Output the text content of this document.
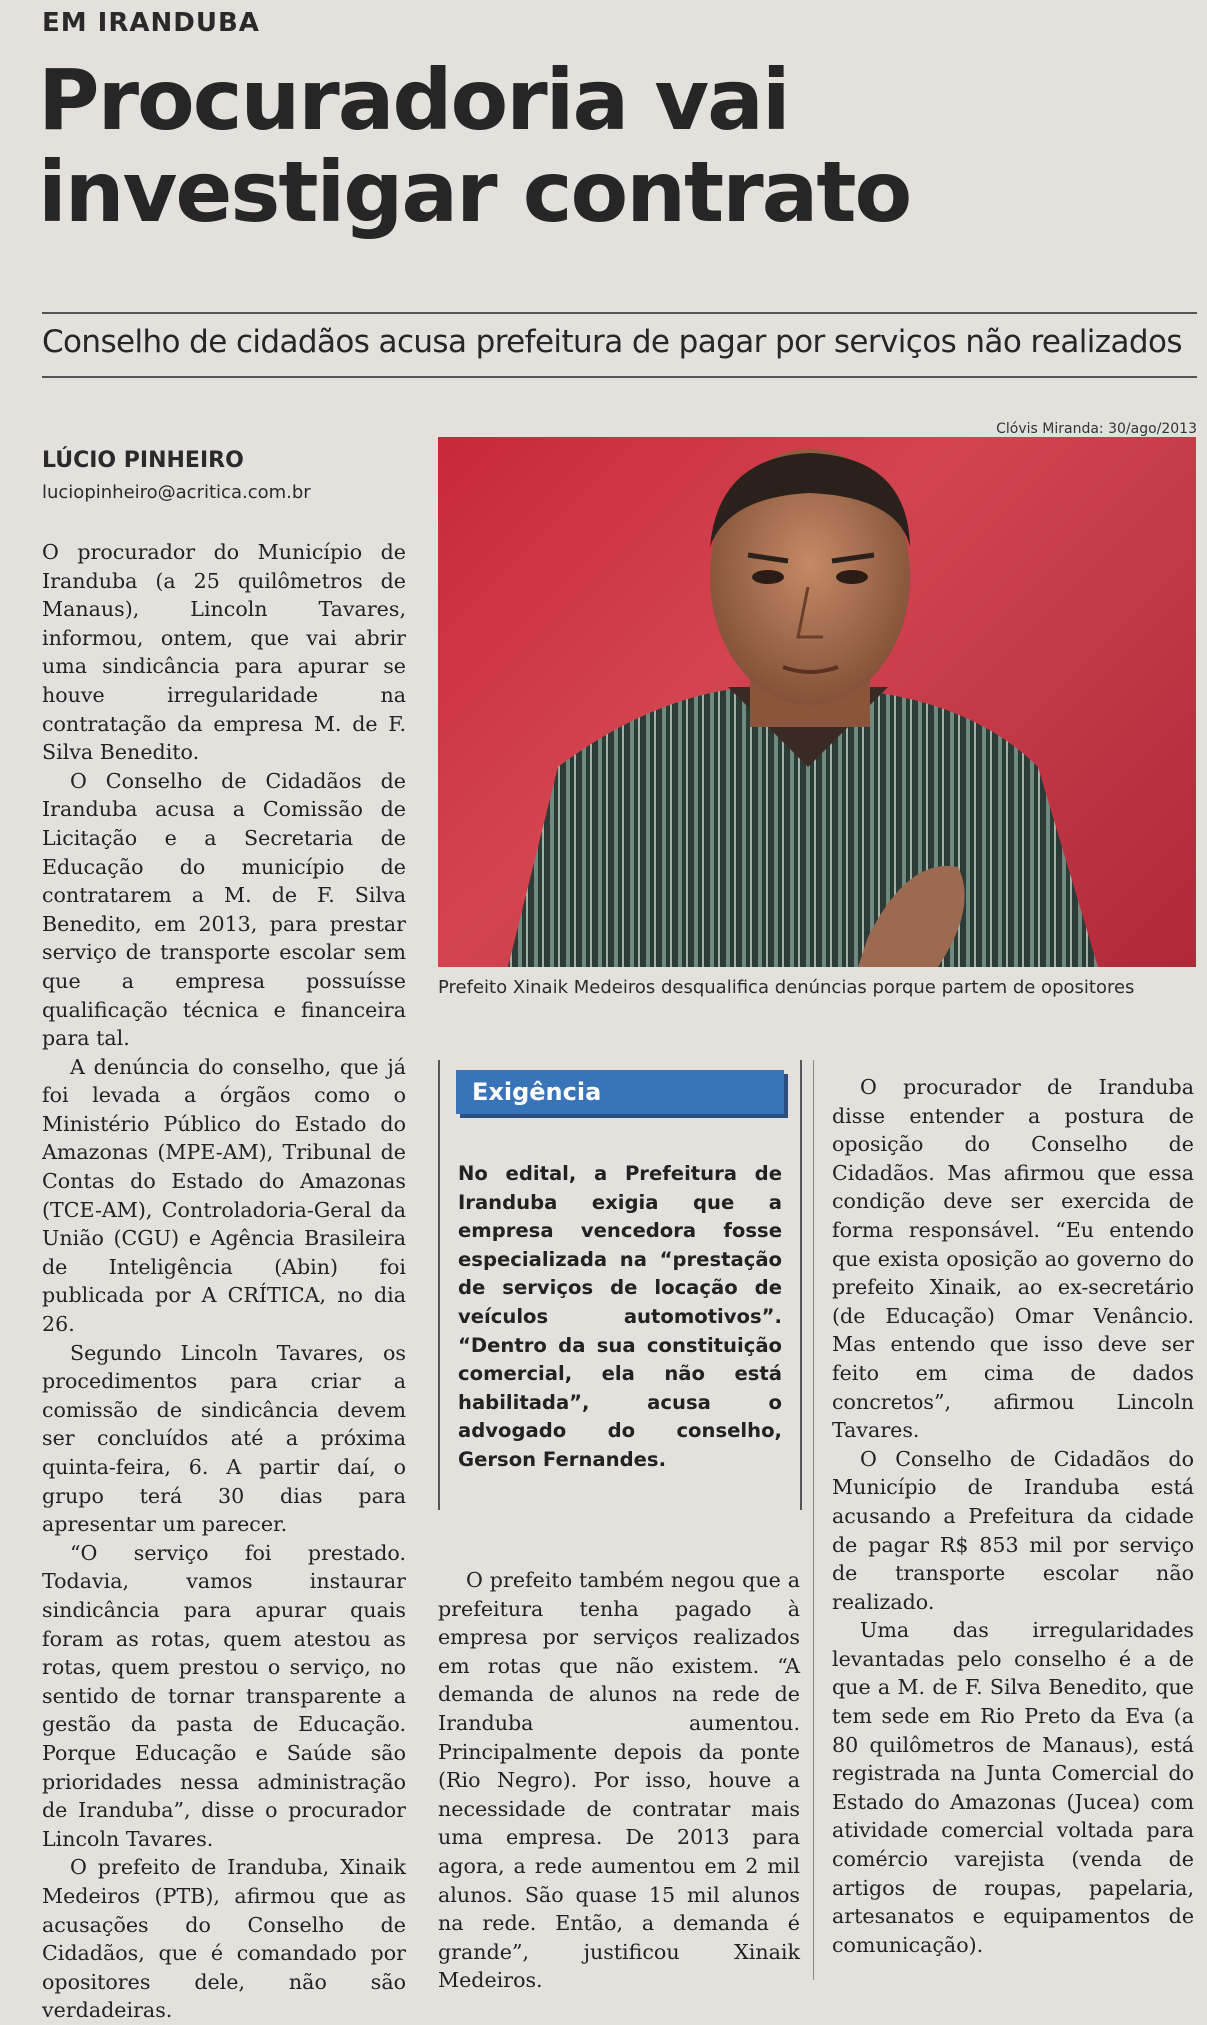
EM IRANDUBA
Procuradoria vai investigar contrato
Conselho de cidadãos acusa prefeitura de pagar por serviços não realizados
LÚCIO PINHEIRO
luciopinheiro@acritica.com.br
Clóvis Miranda: 30/ago/2013
Prefeito Xinaik Medeiros desqualifica denúncias porque partem de opositores

O procurador do Município de Iranduba (a 25 quilômetros de Manaus), Lincoln Tavares, informou, ontem, que vai abrir uma sindicância para apurar se houve irregularidade na contratação da empresa M. de F. Silva Benedito.

O Conselho de Cidadãos de Iranduba acusa a Comissão de Licitação e a Secretaria de Educação do município de contratarem a M. de F. Silva Benedito, em 2013, para prestar serviço de transporte escolar sem que a empresa possuísse qualificação técnica e financeira para tal.

A denúncia do conselho, que já foi levada a órgãos como o Ministério Público do Estado do Amazonas (MPE-AM), Tribunal de Contas do Estado do Amazonas (TCE-AM), Controladoria-Geral da União (CGU) e Agência Brasileira de Inteligência (Abin) foi publicada por A CRÍTICA, no dia 26.

Segundo Lincoln Tavares, os procedimentos para criar a comissão de sindicância devem ser concluídos até a próxima quinta-feira, 6. A partir daí, o grupo terá 30 dias para apresentar um parecer.

“O serviço foi prestado. Todavia, vamos instaurar sindicância para apurar quais foram as rotas, quem atestou as rotas, quem prestou o serviço, no sentido de tornar transparente a gestão da pasta de Educação. Porque Educação e Saúde são prioridades nessa administração de Iranduba”, disse o procurador Lincoln Tavares.

O prefeito de Iranduba, Xinaik Medeiros (PTB), afirmou que as acusações do Conselho de Cidadãos, que é comandado por opositores dele, não são verdadeiras.

Exigência
No edital, a Prefeitura de Iranduba exigia que a empresa vencedora fosse especializada na “prestação de serviços de locação de veículos automotivos”. “Dentro da sua constituição comercial, ela não está habilitada”, acusa o advogado do conselho, Gerson Fernandes.

O prefeito também negou que a prefeitura tenha pagado à empresa por serviços realizados em rotas que não existem. “A demanda de alunos na rede de Iranduba aumentou. Principalmente depois da ponte (Rio Negro). Por isso, houve a necessidade de contratar mais uma empresa. De 2013 para agora, a rede aumentou em 2 mil alunos. São quase 15 mil alunos na rede. Então, a demanda é grande”, justificou Xinaik Medeiros.

O procurador de Iranduba disse entender a postura de oposição do Conselho de Cidadãos. Mas afirmou que essa condição deve ser exercida de forma responsável. “Eu entendo que exista oposição ao governo do prefeito Xinaik, ao ex-secretário (de Educação) Omar Venâncio. Mas entendo que isso deve ser feito em cima de dados concretos”, afirmou Lincoln Tavares.

O Conselho de Cidadãos do Município de Iranduba está acusando a Prefeitura da cidade de pagar R$ 853 mil por serviço de transporte escolar não realizado.

Uma das irregularidades levantadas pelo conselho é a de que a M. de F. Silva Benedito, que tem sede em Rio Preto da Eva (a 80 quilômetros de Manaus), está registrada na Junta Comercial do Estado do Amazonas (Jucea) com atividade comercial voltada para comércio varejista (venda de artigos de roupas, papelaria, artesanatos e equipamentos de comunicação).
